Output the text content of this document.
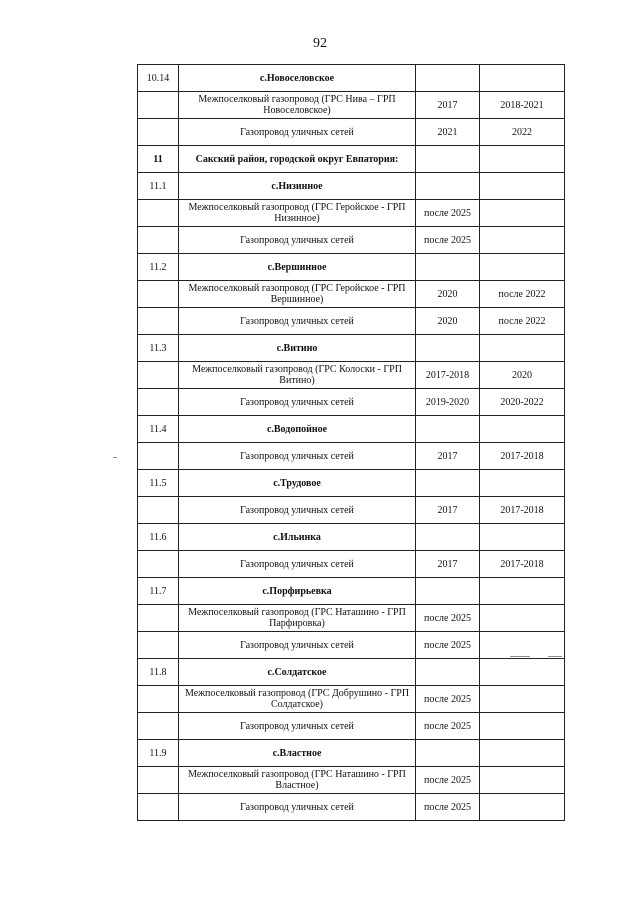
92
10.14	с.Новоселовское		
	Межпоселковый газопровод (ГРС Нива – ГРП Новоселовское)	2017	2018-2021
	Газопровод уличных сетей	2021	2022
11	Сакский район, городской округ Евпатория:		
11.1	с.Низинное		
	Межпоселковый газопровод (ГРС Геройское - ГРП Низинное)	после 2025	
	Газопровод уличных сетей	после 2025	
11.2	с.Вершинное		
	Межпоселковый газопровод (ГРС Геройское - ГРП Вершинное)	2020	после 2022
	Газопровод уличных сетей	2020	после 2022
11.3	с.Витино		
	Межпоселковый газопровод (ГРС Колоски - ГРП Витино)	2017-2018	2020
	Газопровод уличных сетей	2019-2020	2020-2022
11.4	с.Водопойное		
	Газопровод уличных сетей	2017	2017-2018
11.5	с.Трудовое		
	Газопровод уличных сетей	2017	2017-2018
11.6	с.Ильинка		
	Газопровод уличных сетей	2017	2017-2018
11.7	с.Порфирьевка		
	Межпоселковый газопровод (ГРС Наташино - ГРП Парфировка)	после 2025	
	Газопровод уличных сетей	после 2025	
11.8	с.Солдатское		
	Межпоселковый газопровод (ГРС Добрушино - ГРП Солдатское)	после 2025	
	Газопровод уличных сетей	после 2025	
11.9	с.Властное		
	Межпоселковый газопровод (ГРС Наташино - ГРП Властное)	после 2025	
	Газопровод уличных сетей	после 2025	
